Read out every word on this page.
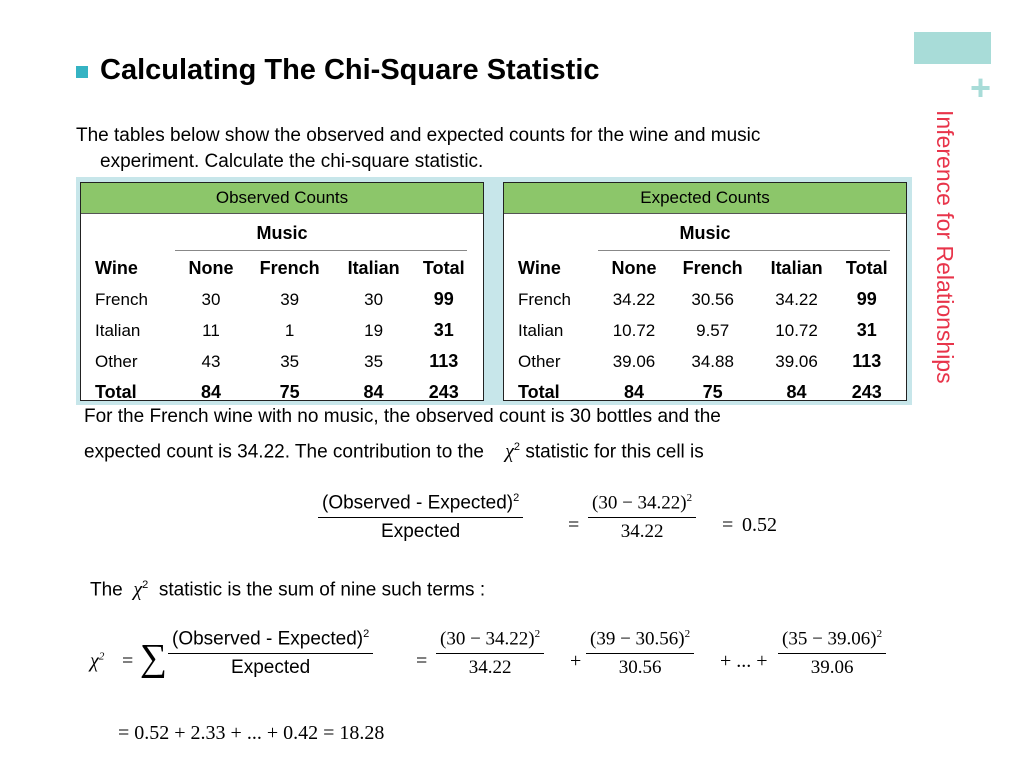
+
Inference for Relationships
Calculating The Chi-Square Statistic
The tables below show the observed and expected counts for the wine and music
experiment. Calculate the chi-square statistic.
Observed Counts
Music
Wine	None	French	Italian	Total
French	30	39	30	99
Italian	11	1	19	31
Other	43	35	35	113
Total	84	75	84	243
Expected Counts
Music
Wine	None	French	Italian	Total
French	34.22	30.56	34.22	99
Italian	10.72	9.57	10.72	31
Other	39.06	34.88	39.06	113
Total	84	75	84	243
For the French wine with no music, the observed count is 30 bottles and the
expected count is 34.22. The contribution to the $\chi^2$ statistic for this cell is
(Observed - Expected)$^2$
Expected	= $\frac{(30 - 34.22)^2}{34.22} = 0.52$
The $\chi^2$ statistic is the sum of nine such terms :
$\chi^2$ = ∑ (Observed - Expected)$^2$
Expected	= $\frac{(30 - 34.22)^2}{34.22} + \frac{(39 - 30.56)^2}{30.56}$ + ... + $\frac{(35 - 39.06)^2}{39.06}$
= 0.52 + 2.33 + ... + 0.42 = 18.28
